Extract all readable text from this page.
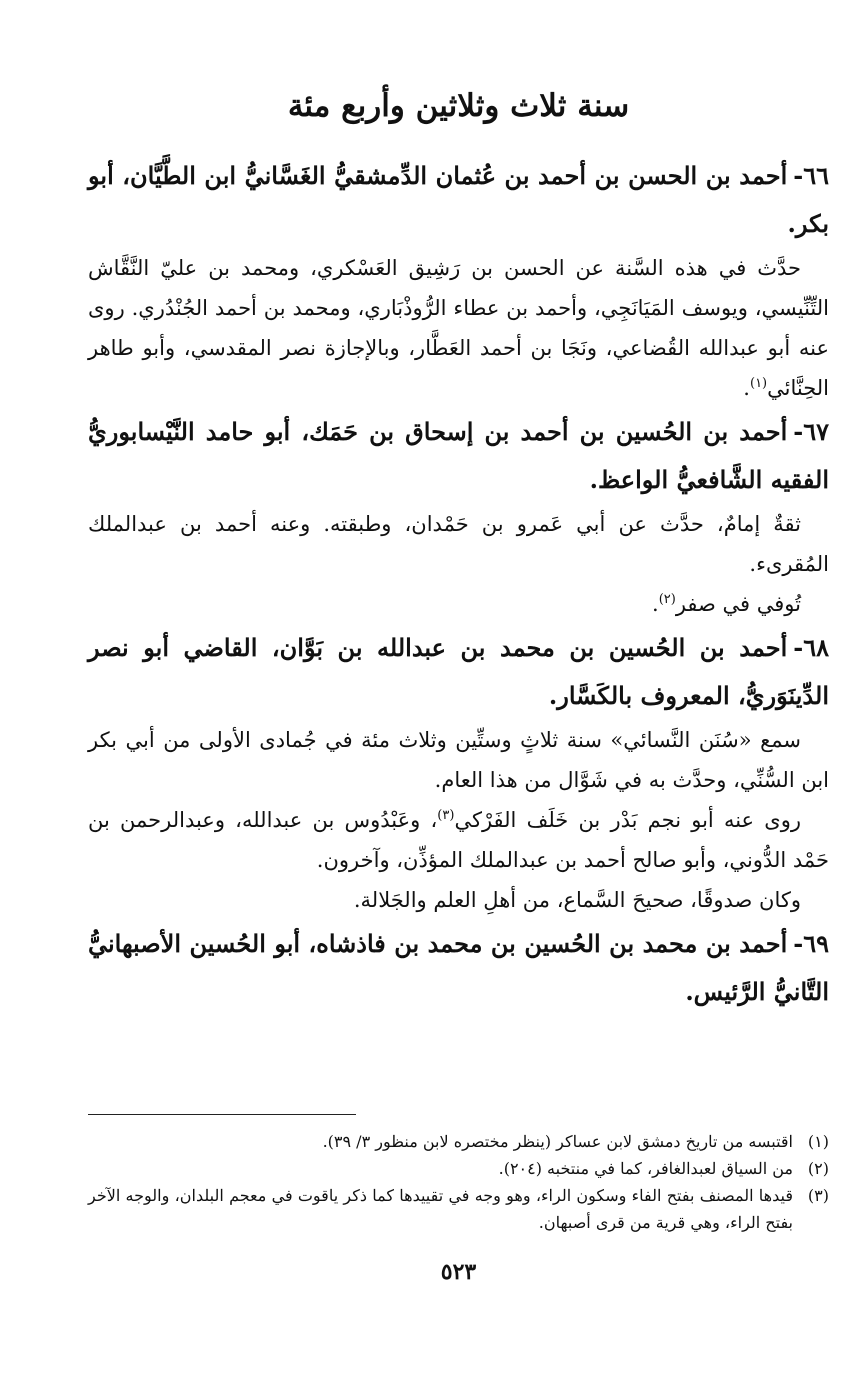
سنة ثلاث وثلاثين وأربع مئة

٦٦-أحمد بن الحسن بن أحمد بن عُثمان الدِّمشقيُّ الغَسَّانيُّ ابن الطَّيَّان، أبو بكر.

حدَّث في هذه السَّنة عن الحسن بن رَشِيق العَسْكري، ومحمد بن عليّ النَّقَّاش التِّنِّيسي، ويوسف المَيَانَجِي، وأحمد بن عطاء الرُّوذْبَاري، ومحمد بن أحمد الجُنْدُري. روى عنه أبو عبدالله القُضاعي، ونَجَا بن أحمد العَطَّار، وبالإجازة نصر المقدسي، وأبو طاهر الحِنَّائي$^{(١)}$.

٦٧-أحمد بن الحُسين بن أحمد بن إسحاق بن حَمَك، أبو حامد النَّيْسابوريُّ الفقيه الشَّافعيُّ الواعظ.

ثقةٌ إمامٌ، حدَّث عن أبي عَمرو بن حَمْدان، وطبقته. وعنه أحمد بن عبدالملك المُقرىء.

تُوفي في صفر$^{(٢)}$.

٦٨-أحمد بن الحُسين بن محمد بن عبدالله بن بَوَّان، القاضي أبو نصر الدِّينَوَريُّ، المعروف بالكَسَّار.

سمع «سُنَن النَّسائي» سنة ثلاثٍ وستِّين وثلاث مئة في جُمادى الأولى من أبي بكر ابن السُّنِّي، وحدَّث به في شَوَّال من هذا العام.

روى عنه أبو نجم بَدْر بن خَلَف الفَرْكي$^{(٣)}$، وعَبْدُوس بن عبدالله، وعبدالرحمن بن حَمْد الدُّوني، وأبو صالح أحمد بن عبدالملك المؤذِّن، وآخرون.

وكان صدوقًا، صحيحَ السَّماع، من أهلِ العلم والجَلالة.

٦٩-أحمد بن محمد بن الحُسين بن محمد بن فاذشاه، أبو الحُسين الأصبهانيُّ التَّانيُّ الرَّئيس.

(١)
اقتبسه من تاريخ دمشق لابن عساكر (ينظر مختصره لابن منظور ٣/ ٣٩).
(٢)
من السياق لعبدالغافر، كما في منتخبه (٢٠٤).
(٣)
قيدها المصنف بفتح الفاء وسكون الراء، وهو وجه في تقييدها كما ذكر ياقوت في معجم البلدان، والوجه الآخر بفتح الراء، وهي قرية من قرى أصبهان.
٥٢٣
